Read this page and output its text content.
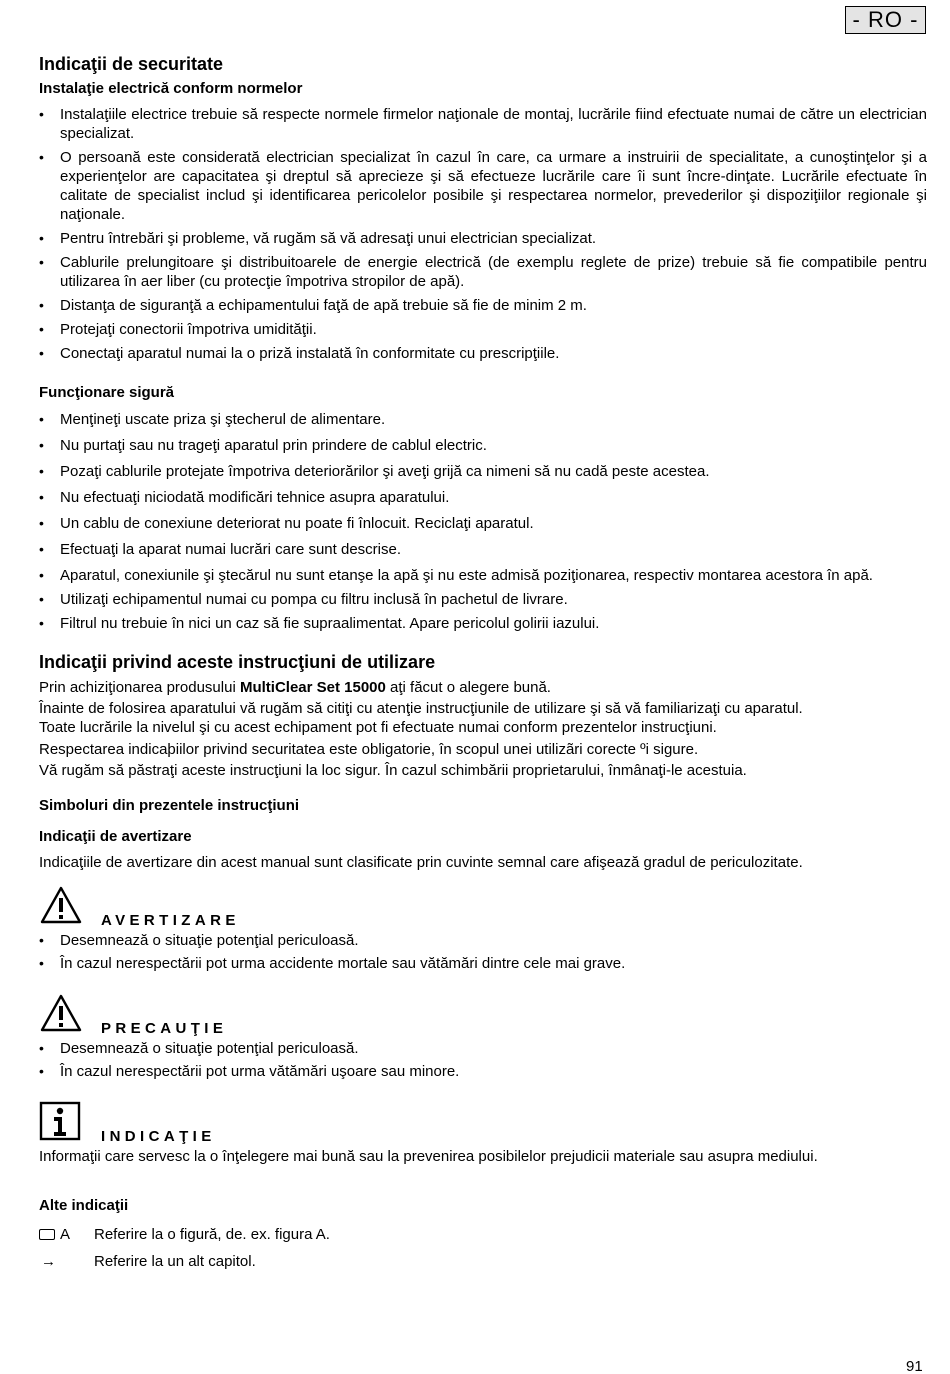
- RO -
Indicaţii de securitate
Instalaţie electrică conform normelor
• Instalaţiile electrice trebuie să respecte normele firmelor naţionale de montaj, lucrările fiind efectuate numai de către un electrician specializat.
• O persoană este considerată electrician specializat în cazul în care, ca urmare a instruirii de specialitate, a cunoştinţelor şi a experienţelor are capacitatea şi dreptul să aprecieze şi să efectueze lucrările care îi sunt încre-dinţate. Lucrările efectuate în calitate de specialist includ şi identificarea pericolelor posibile şi respectarea normelor, prevederilor şi dispoziţiilor regionale şi naţionale.
• Pentru întrebări şi probleme, vă rugăm să vă adresaţi unui electrician specializat.
• Cablurile prelungitoare şi distribuitoarele de energie electrică (de exemplu reglete de prize) trebuie să fie compatibile pentru utilizarea în aer liber (cu protecţie împotriva stropilor de apă).
• Distanţa de siguranţă a echipamentului faţă de apă trebuie să fie de minim 2 m.
• Protejaţi conectorii împotriva umidităţii.
• Conectaţi aparatul numai la o priză instalată în conformitate cu prescripţiile.
Funcţionare sigură
• Menţineţi uscate priza şi ştecherul de alimentare.
• Nu purtaţi sau nu trageţi aparatul prin prindere de cablul electric.
• Pozaţi cablurile protejate împotriva deteriorărilor şi aveţi grijă ca nimeni să nu cadă peste acestea.
• Nu efectuaţi niciodată modificări tehnice asupra aparatului.
• Un cablu de conexiune deteriorat nu poate fi înlocuit. Reciclaţi aparatul.
• Efectuaţi la aparat numai lucrări care sunt descrise.
• Aparatul, conexiunile şi ştecărul nu sunt etanşe la apă şi nu este admisă poziţionarea, respectiv montarea acestora în apă.
• Utilizaţi echipamentul numai cu pompa cu filtru inclusă în pachetul de livrare.
• Filtrul nu trebuie în nici un caz să fie supraalimentat. Apare pericolul golirii iazului.
Indicaţii privind aceste instrucţiuni de utilizare

Prin achiziţionarea produsului MultiClear Set 15000 aţi făcut o alegere bună.

Înainte de folosirea aparatului vă rugăm să citiţi cu atenţie instrucţiunile de utilizare şi să vă familiarizaţi cu aparatul.

Toate lucrările la nivelul şi cu acest echipament pot fi efectuate numai conform prezentelor instrucţiuni.

Respectarea indicaþiilor privind securitatea este obligatorie, în scopul unei utilizãri corecte ºi sigure.

Vă rugăm să păstraţi aceste instrucţiuni la loc sigur. În cazul schimbării proprietarului, înmânaţi-le acestuia.

Simboluri din prezentele instrucţiuni
Indicaţii de avertizare

Indicaţiile de avertizare din acest manual sunt clasificate prin cuvinte semnal care afişează gradul de periculozitate.

AVERTIZARE
• Desemnează o situaţie potenţial periculoasă.
• În cazul nerespectării pot urma accidente mortale sau vătămări dintre cele mai grave.
PRECAUŢIE
• Desemnează o situaţie potenţial periculoasă.
• În cazul nerespectării pot urma vătămări uşoare sau minore.
INDICAŢIE

Informaţii care servesc la o înţelegere mai bună sau la prevenirea posibilelor prejudicii materiale sau asupra mediului.

Alte indicaţii
A Referire la o figură, de. ex. figura A.
→	Referire la un alt capitol.
91
